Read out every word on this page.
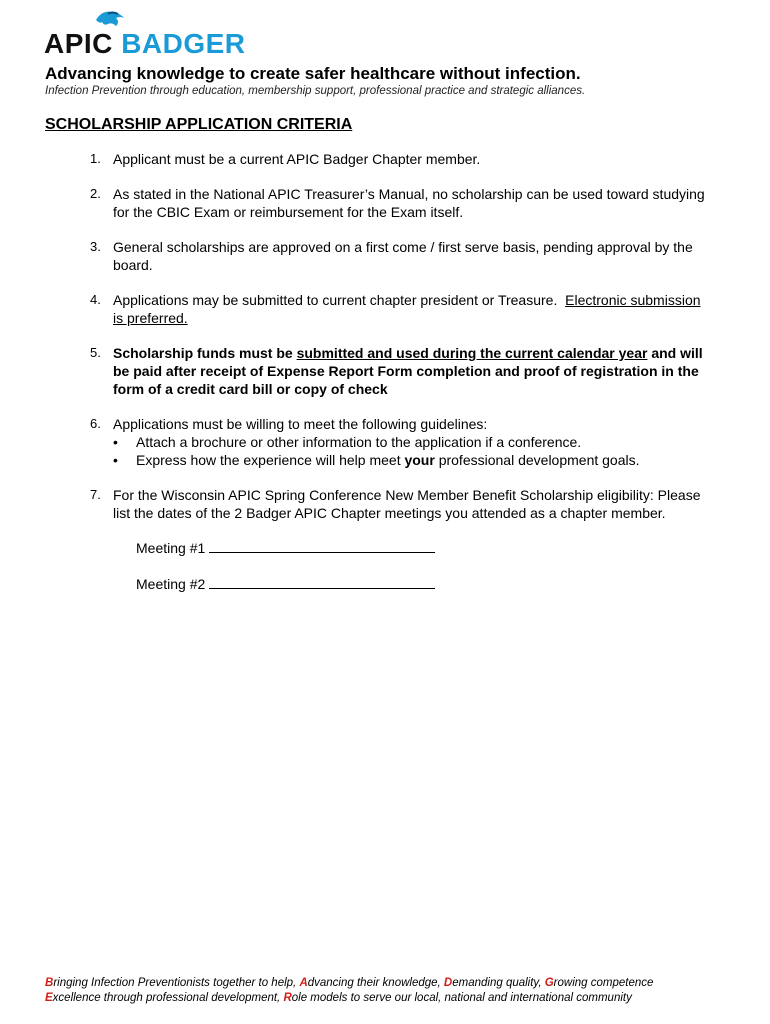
APIC BADGER
Advancing knowledge to create safer healthcare without infection.
Infection Prevention through education, membership support, professional practice and strategic alliances.
SCHOLARSHIP APPLICATION CRITERIA
1. Applicant must be a current APIC Badger Chapter member.
2. As stated in the National APIC Treasurer’s Manual, no scholarship can be used toward studying for the CBIC Exam or reimbursement for the Exam itself.
3. General scholarships are approved on a first come / first serve basis, pending approval by the board.
4. Applications may be submitted to current chapter president or Treasure. Electronic submission is preferred.
5. Scholarship funds must be submitted and used during the current calendar year and will be paid after receipt of Expense Report Form completion and proof of registration in the form of a credit card bill or copy of check
6. Applications must be willing to meet the following guidelines:
• Attach a brochure or other information to the application if a conference.
• Express how the experience will help meet your professional development goals.
7. For the Wisconsin APIC Spring Conference New Member Benefit Scholarship eligibility: Please list the dates of the 2 Badger APIC Chapter meetings you attended as a chapter member.
Meeting #1
Meeting #2
Bringing Infection Preventionists together to help, Advancing their knowledge, Demanding quality, Growing competence
Excellence through professional development, Role models to serve our local, national and international community
